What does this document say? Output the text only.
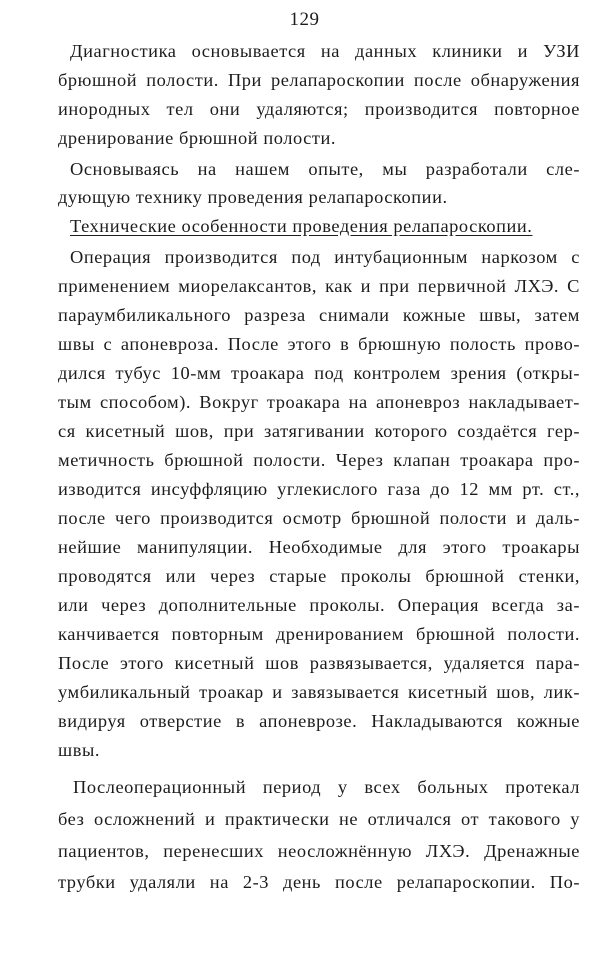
129
Диагностика основывается на данных клиники и УЗИ
брюшной полости. При релапароскопии после обнаружения
инородных тел они удаляются; производится повторное
дренирование брюшной полости.
Основываясь на нашем опыте, мы разработали сле-
дующую технику проведения релапароскопии.
Технические особенности проведения релапароскопии.
Операция производится под интубационным наркозом с
применением миорелаксантов, как и при первичной ЛХЭ. С
параумбиликального разреза снимали кожные швы, затем
швы с апоневроза. После этого в брюшную полость прово-
дился тубус 10-мм троакара под контролем зрения (откры-
тым способом). Вокруг троакара на апоневроз накладывает-
ся кисетный шов, при затягивании которого создаётся гер-
метичность брюшной полости. Через клапан троакара про-
изводится инсуффляцию углекислого газа до 12 мм рт. ст.,
после чего производится осмотр брюшной полости и даль-
нейшие манипуляции. Необходимые для этого троакары
проводятся или через старые проколы брюшной стенки,
или через дополнительные проколы. Операция всегда за-
канчивается повторным дренированием брюшной полости.
После этого кисетный шов развязывается, удаляется пара-
умбиликальный троакар и завязывается кисетный шов, лик-
видируя отверстие в апоневрозе. Накладываются кожные
швы.
Послеоперационный период у всех больных протекал
без осложнений и практически не отличался от такового у
пациентов, перенесших неосложнённую ЛХЭ. Дренажные
трубки удаляли на 2-3 день после релапароскопии. По-
